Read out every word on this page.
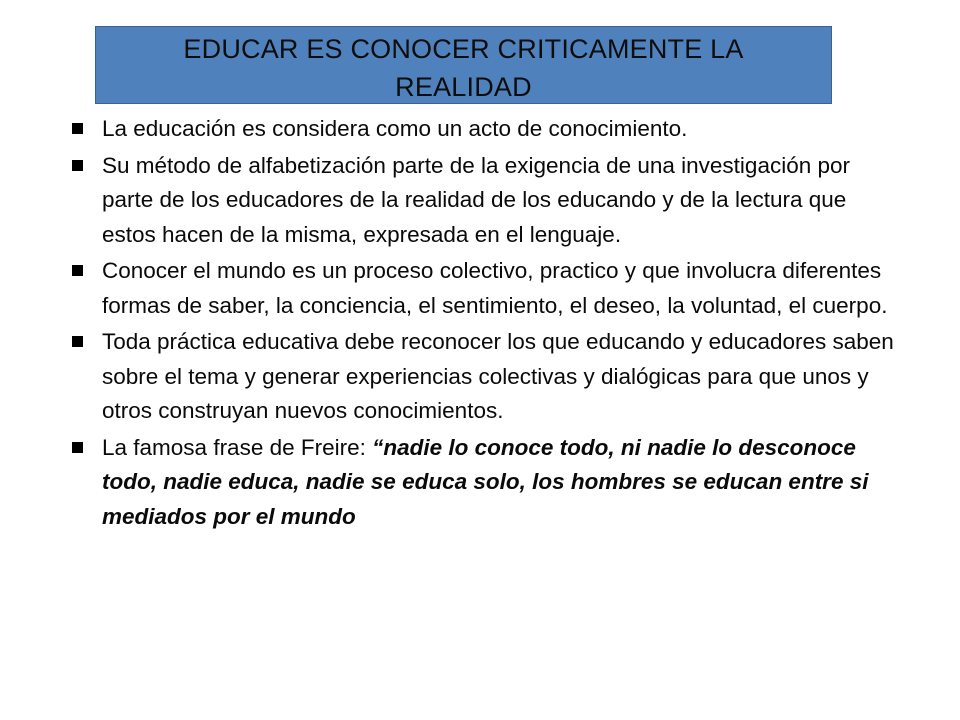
EDUCAR ES CONOCER CRITICAMENTE LA REALIDAD
La educación es considera como un acto de conocimiento.
Su método de alfabetización parte de la exigencia de una investigación por parte de los educadores de la realidad de los educando y de la lectura que estos hacen de la misma, expresada en el lenguaje.
Conocer el mundo es un proceso colectivo, practico y que involucra diferentes formas de saber, la conciencia, el sentimiento, el deseo, la voluntad, el cuerpo.
Toda práctica educativa debe reconocer los que educando y educadores saben sobre el tema y generar experiencias colectivas y dialógicas para que unos y otros construyan nuevos conocimientos.
La famosa frase de Freire: “nadie lo conoce todo, ni nadie lo desconoce todo, nadie educa, nadie se educa solo, los hombres se educan entre si mediados por el mundo
